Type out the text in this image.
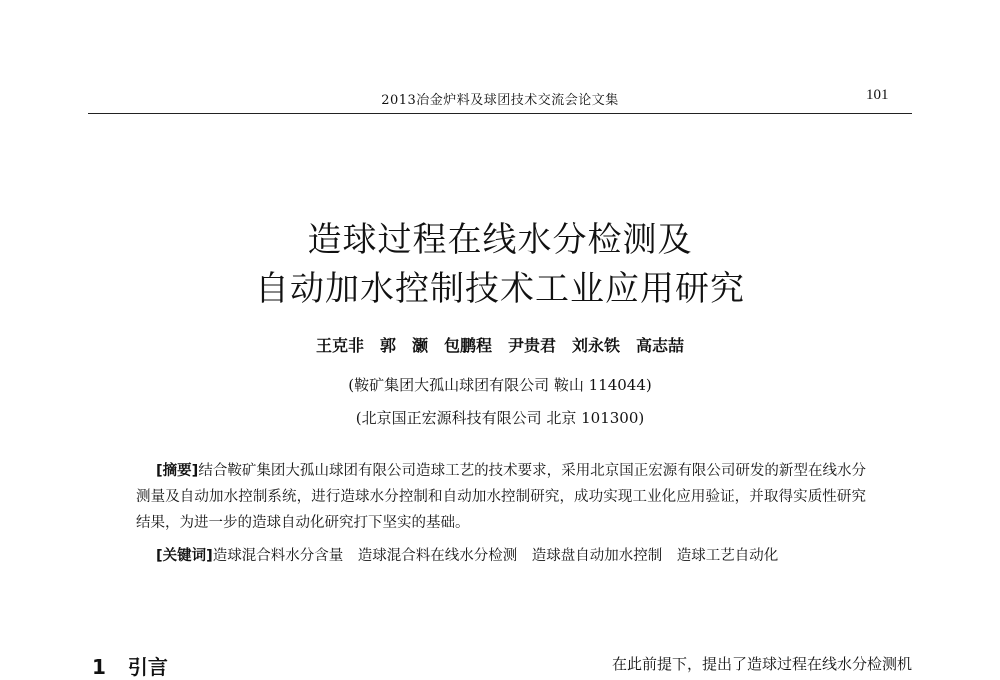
2013冶金炉料及球团技术交流会论文集	101
造球过程在线水分检测及
自动加水控制技术工业应用研究
王克非　郭　灏　包鹏程　尹贵君　刘永铁　高志喆
(鞍矿集团大孤山球团有限公司 鞍山 114044)
(北京国正宏源科技有限公司 北京 101300)
[摘要]结合鞍矿集团大孤山球团有限公司造球工艺的技术要求，采用北京国正宏源有限公司研发的新型在线水分测量及自动加水控制系统，进行造球水分控制和自动加水控制研究，成功实现工业化应用验证，并取得实质性研究结果，为进一步的造球自动化研究打下坚实的基础。
[关键词]造球混合料水分含量　造球混合料在线水分检测　造球盘自动加水控制　造球工艺自动化
1 引言	在此前提下，提出了造球过程在线水分检测机
